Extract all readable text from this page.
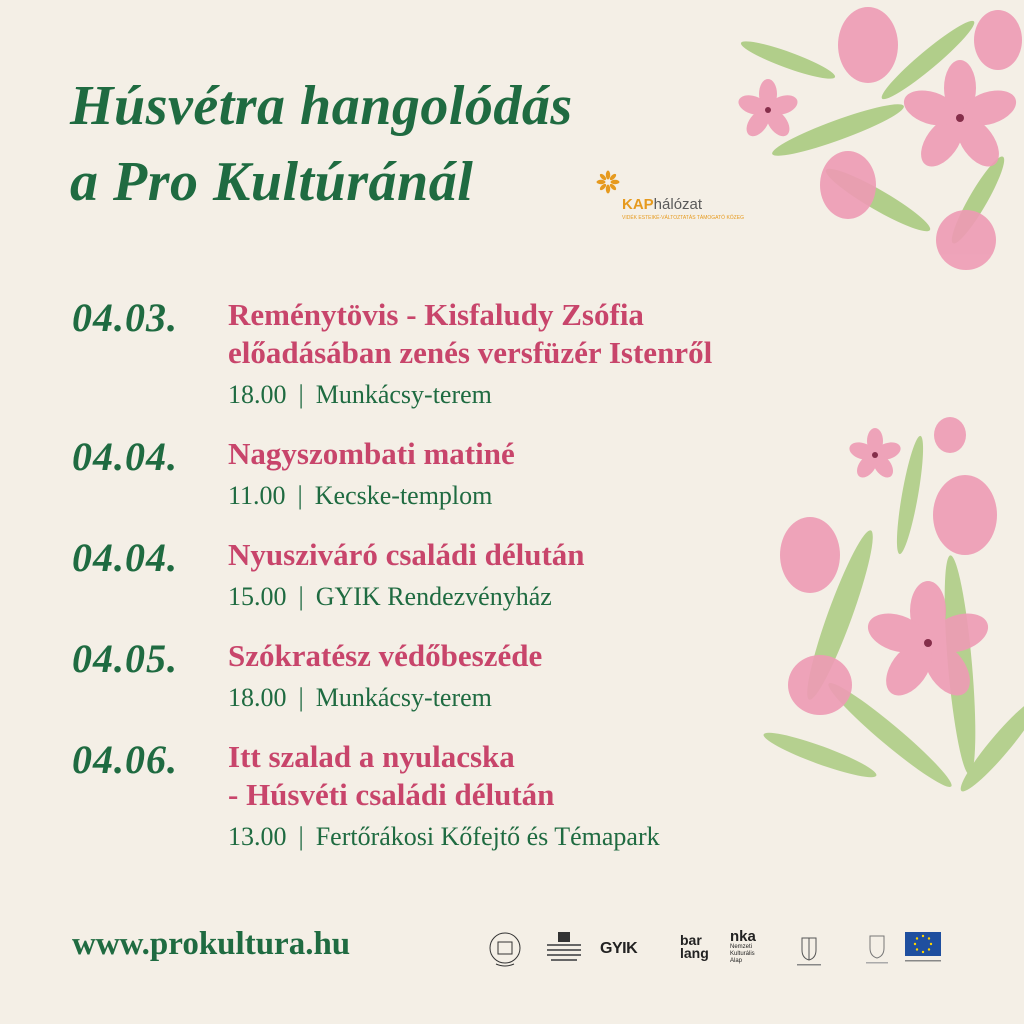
Húsvétra hangolódás
a Pro Kultúránál	KAPhálózat
VIDÉK ESTEIKÉ-VÁLTOZTATÁS TÁMOGATÓ KÖZEG
04.03. Reménytövis - Kisfaludy Zsófia
előadásában zenés versfüzér Istenről
18.00 | Munkácsy-terem
04.04. Nagyszombati matiné
11.00 | Kecske-templom
04.04. Nyusziváró családi délután
15.00 | GYIK Rendezvényház
04.05. Szókratész védőbeszéde
18.00 | Munkácsy-terem
04.06. Itt szalad a nyulacska
- Húsvéti családi délután
13.00 | Fertőrákosi Kőfejtő és Témapark
www.prokultura.hu	GYIK	bar
lang
nkа
Nemzeti Kulturális Alap
